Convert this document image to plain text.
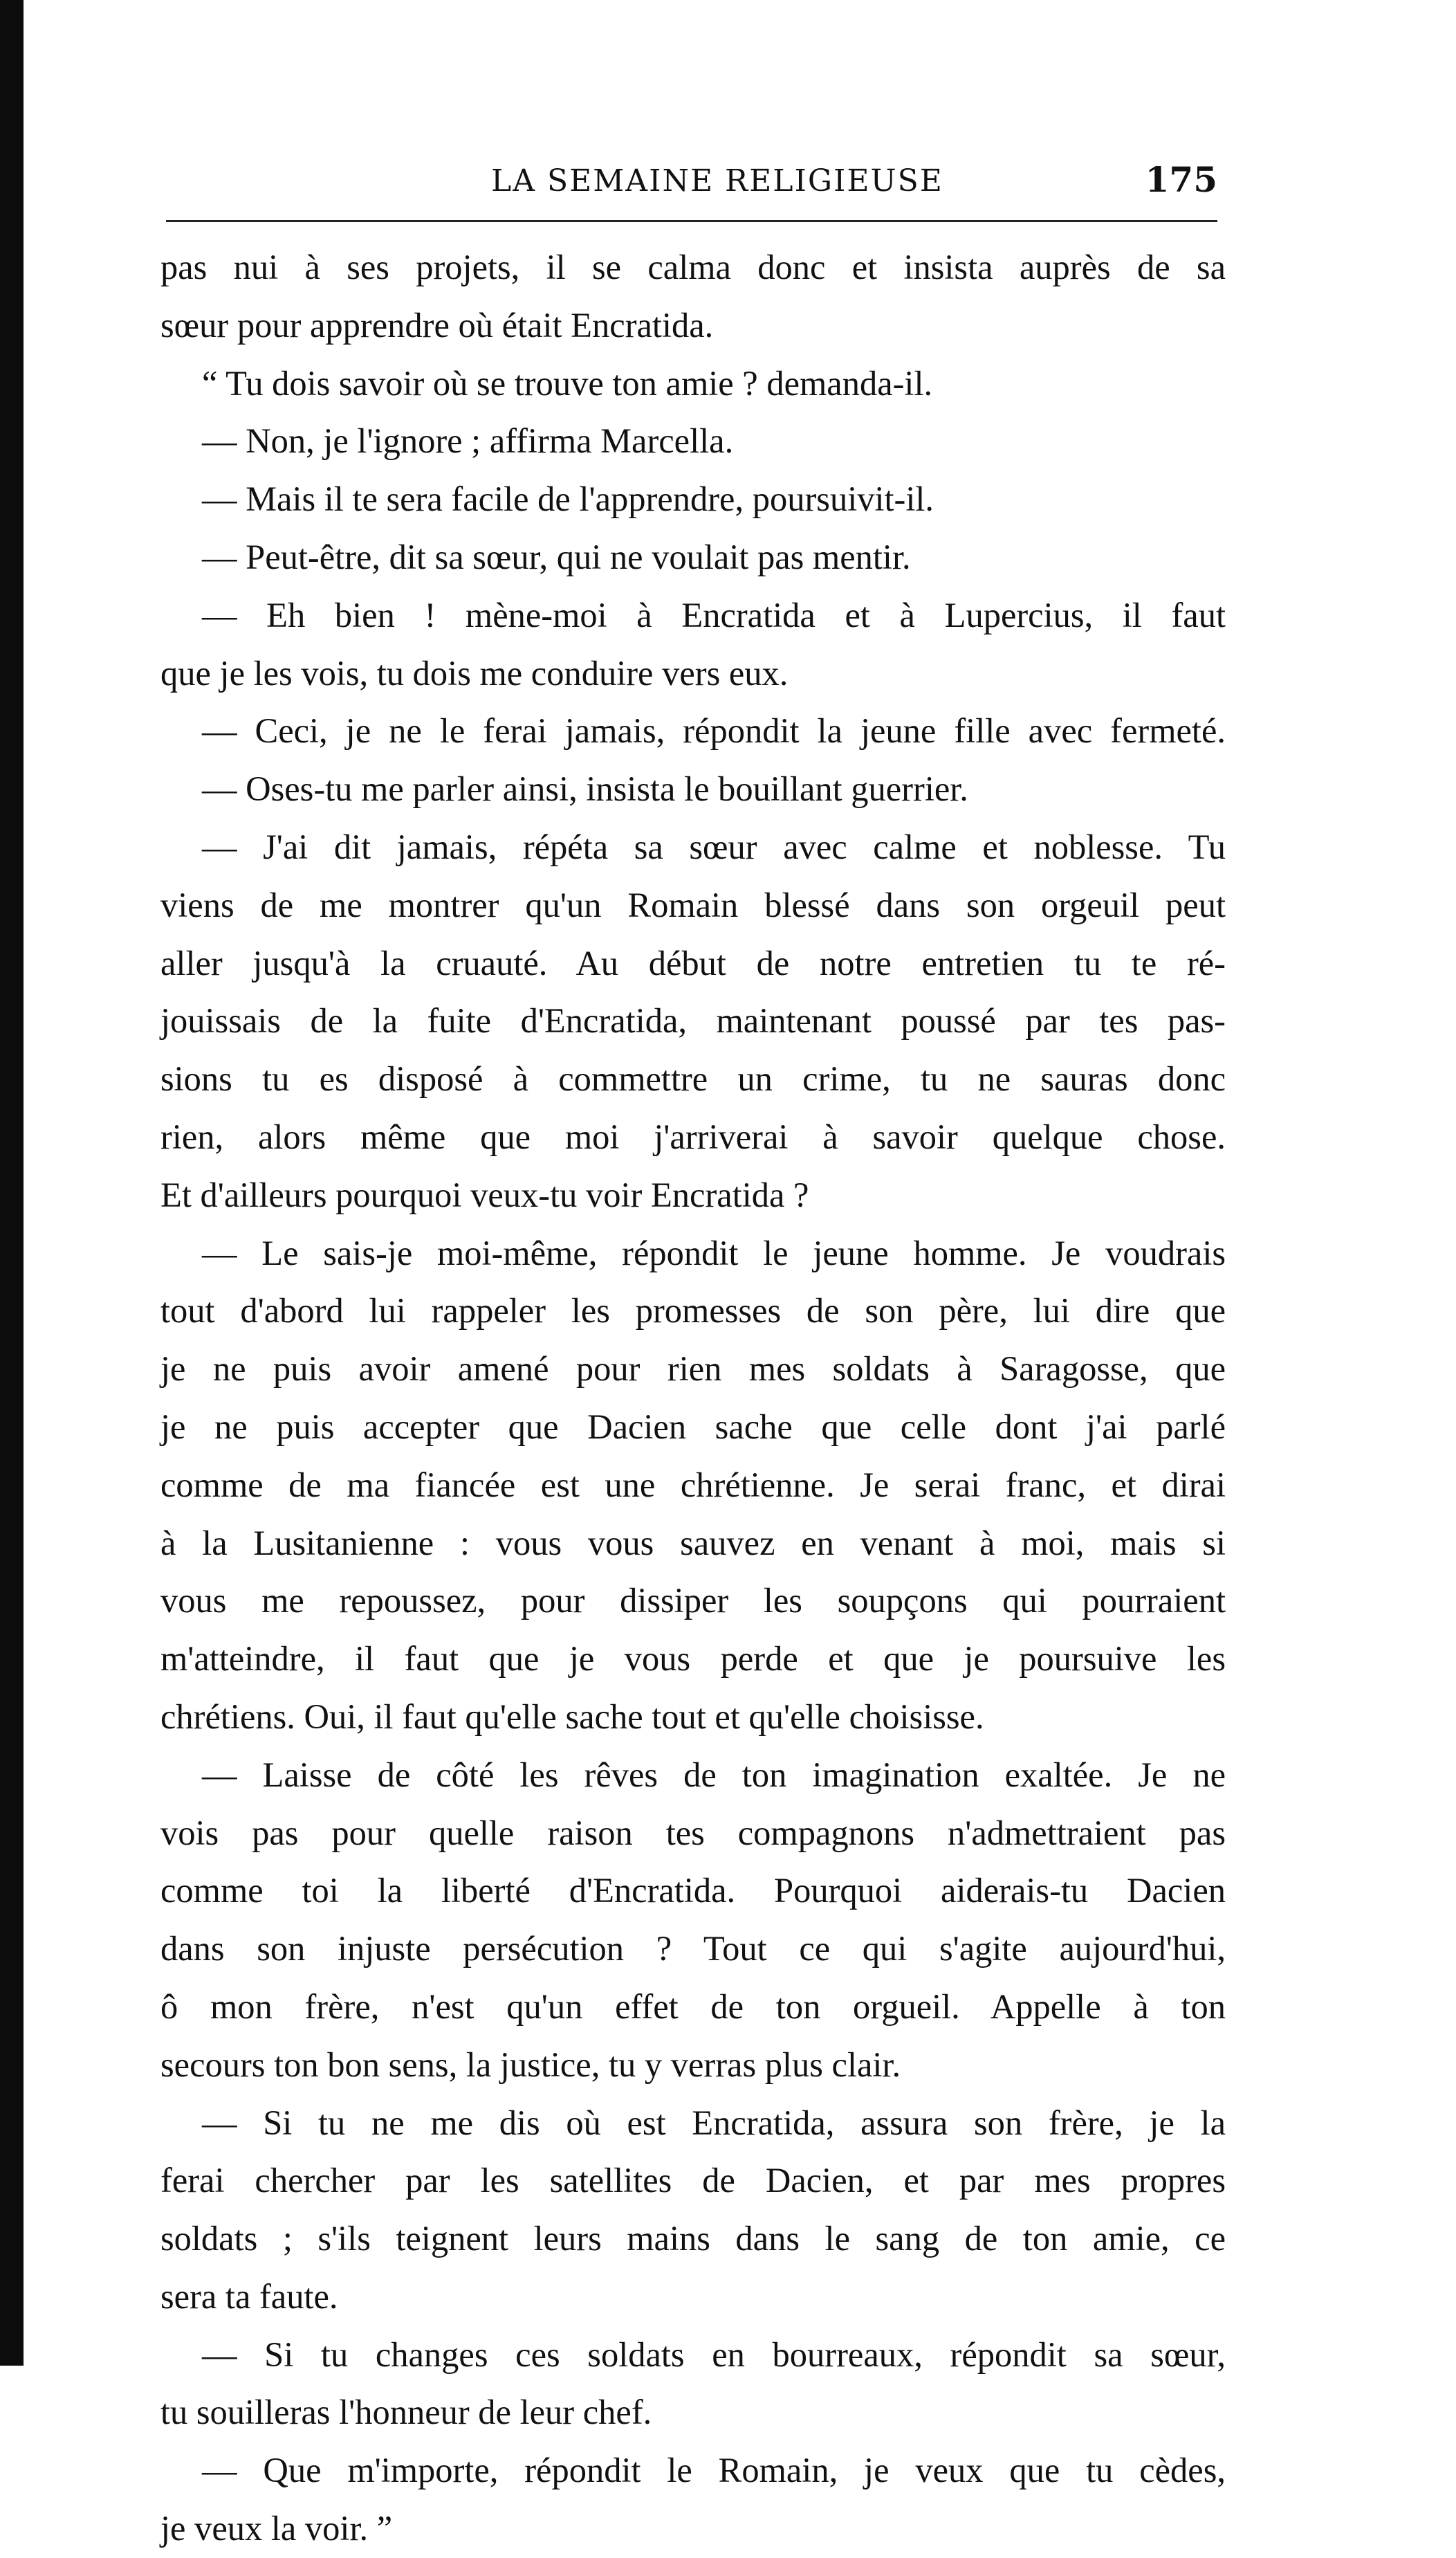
LA SEMAINE RELIGIEUSE	175
pas nui à ses projets, il se calma donc et insista auprès de sa
sœur pour apprendre où était Encratida.
“ Tu dois savoir où se trouve ton amie ? demanda-il.
— Non, je l'ignore ; affirma Marcella.
— Mais il te sera facile de l'apprendre, poursuivit-il.
— Peut-être, dit sa sœur, qui ne voulait pas mentir.
— Eh bien ! mène-moi à Encratida et à Lupercius, il faut
que je les vois, tu dois me conduire vers eux.
— Ceci, je ne le ferai jamais, répondit la jeune fille avec fermeté.
— Oses-tu me parler ainsi, insista le bouillant guerrier.
— J'ai dit jamais, répéta sa sœur avec calme et noblesse. Tu
viens de me montrer qu'un Romain blessé dans son orgeuil peut
aller jusqu'à la cruauté. Au début de notre entretien tu te ré-
jouissais de la fuite d'Encratida, maintenant poussé par tes pas-
sions tu es disposé à commettre un crime, tu ne sauras donc
rien, alors même que moi j'arriverai à savoir quelque chose.
Et d'ailleurs pourquoi veux-tu voir Encratida ?
— Le sais-je moi-même, répondit le jeune homme. Je voudrais
tout d'abord lui rappeler les promesses de son père, lui dire que
je ne puis avoir amené pour rien mes soldats à Saragosse, que
je ne puis accepter que Dacien sache que celle dont j'ai parlé
comme de ma fiancée est une chrétienne. Je serai franc, et dirai
à la Lusitanienne : vous vous sauvez en venant à moi, mais si
vous me repoussez, pour dissiper les soupçons qui pourraient
m'atteindre, il faut que je vous perde et que je poursuive les
chrétiens. Oui, il faut qu'elle sache tout et qu'elle choisisse.
— Laisse de côté les rêves de ton imagination exaltée. Je ne
vois pas pour quelle raison tes compagnons n'admettraient pas
comme toi la liberté d'Encratida. Pourquoi aiderais-tu Dacien
dans son injuste persécution ? Tout ce qui s'agite aujourd'hui,
ô mon frère, n'est qu'un effet de ton orgueil. Appelle à ton
secours ton bon sens, la justice, tu y verras plus clair.
— Si tu ne me dis où est Encratida, assura son frère, je la
ferai chercher par les satellites de Dacien, et par mes propres
soldats ; s'ils teignent leurs mains dans le sang de ton amie, ce
sera ta faute.
— Si tu changes ces soldats en bourreaux, répondit sa sœur,
tu souilleras l'honneur de leur chef.
— Que m'importe, répondit le Romain, je veux que tu cèdes,
je veux la voir. ”
